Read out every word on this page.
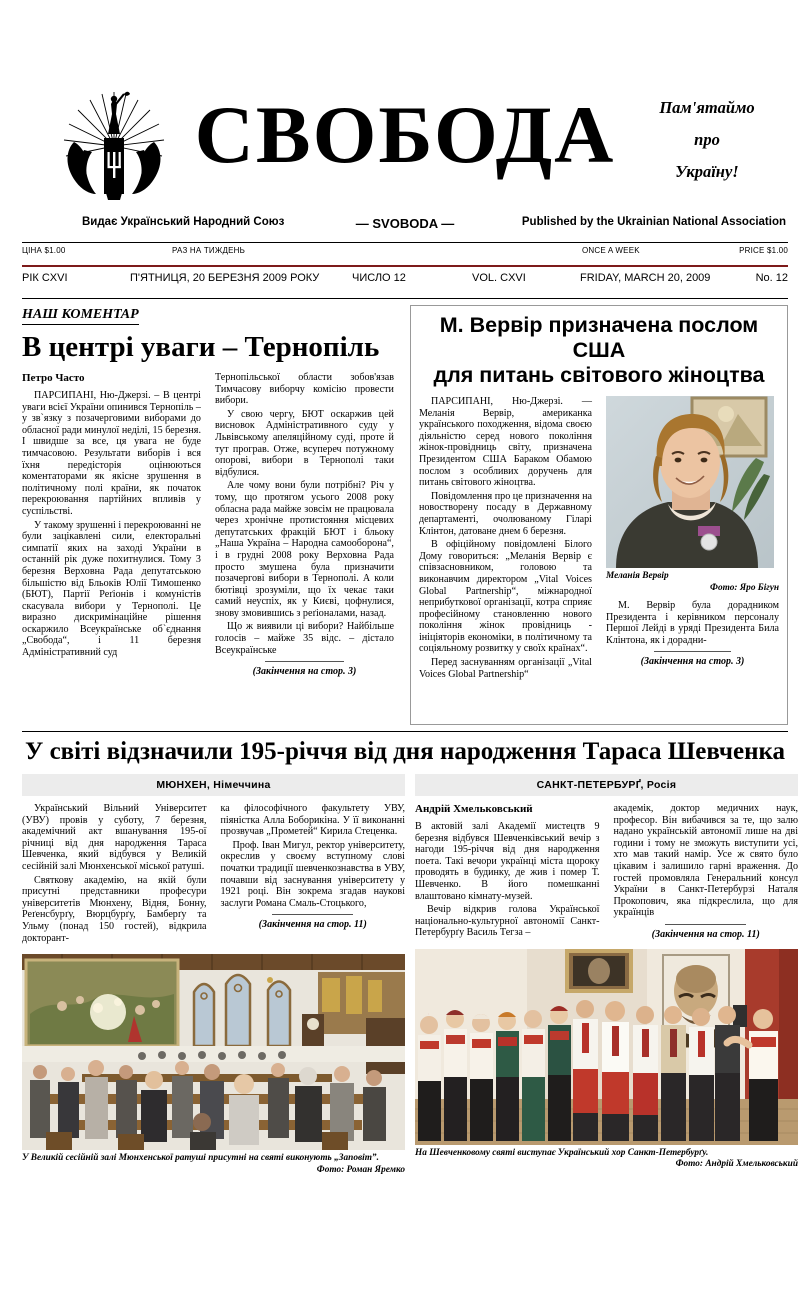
СВОБОДА	Пам'ятаймо
про
Україну!
Видає Український Народний Союз	— SVOBODA —	Published by the Ukrainian National Association
ЦІНА $1.00	РАЗ НА ТИЖДЕНЬ	ONCE A WEEK	PRICE $1.00
РІК CXVI	П'ЯТНИЦЯ, 20 БЕРЕЗНЯ 2009 РОКУ	ЧИСЛО 12	VOL. CXVI	FRIDAY, MARCH 20, 2009	No. 12
НАШ КОМЕНТАР
В центрі уваги – Тернопіль
Петро Часто

ПАРСИПАНІ, Ню-Джерзі. – В центрі уваги всієї України опинився Тернопіль – у зв`язку з позачерговими виборами до обласної ради минулої неділі, 15 березня. І швидше за все, ця увага не буде тимчасовою. Результати виборів і вся їхня передісторія оцінюються коментаторами як якісне зрушення в політичному полі країни, як початок перекроювання партійних впливів у суспільстві.

У такому зрушенні і перекроюванні не були зацікавлені сили, електоральні симпатії яких на заході України в останній рік дуже похитнулися. Тому 3 березня Верховна Рада депутатською більшістю від Бльоків Юлії Тимошенко (БЮТ), Партії Реґіонів і комуністів скасувала вибори у Тернополі. Це виразно дискримінаційне рішення оскаржило Всеукраїнське об`єднання „Свобода“, і 11 березня Адміністративний суд

Тернопільської области зобов'язав Тимчасову виборчу комісію провести вибори.

У свою чергу, БЮТ оскаржив цей висновок Адміністративного суду у Львівському апеляційному суді, проте й тут програв. Отже, всупереч потужному опорові, вибори в Тернополі таки відбулися.

Але чому вони були потрібні? Річ у тому, що протягом усього 2008 року обласна рада майже зовсім не працювала через хронічне протистояння місцевих депутатських фракцій БЮТ і бльоку „Наша Україна – Народна самооборона“, і в грудні 2008 року Верховна Рада просто змушена була призначити позачергові вибори в Тернополі. А коли бютівці зрозуміли, що їх чекає таки самий неуспіх, як у Києві, цофнулися, знову змовившись з реґіоналами, назад.

Що ж виявили ці вибори? Найбільше голосів – майже 35 відс. – дістало Всеукраїнське

(Закінчення на стор. 3)
М. Вервір призначена послом США
для питань світового жіноцтва

ПАРСИПАНІ, Ню-Джерзі. — Меланія Вервір, американка українського походження, відома своєю діяльністю серед нового покоління жінок-провідниць світу, призначена Президентом США Бараком Обамою послом з особливих доручень для питань світового жіноцтва.

Повідомлення про це призначення на новостворену посаду в Державному департаменті, очолюваному Гіларі Клінтон, датоване днем 6 березня.

В офіційному повідомлені Білого Дому говориться: „Меланія Вервір є співзасновником, головою та виконавчим директором „Vital Voices Global Partnership“, міжнародної неприбуткової організації, котра сприяє професійному становленню нового покоління жінок провідниць - ініціяторів економіки, в політичному та соціяльному розвитку у своїх країнах“.

Перед заснуванням організації „Vital Voices Global Partnership“

Меланія Вервір
Фото: Яро Бігун

М. Вервір була дорадником Президента і керівником персоналу Першої Лейді в уряді Президента Била Клінтона, як і дорадни-

(Закінчення на стор. 3)
У світі відзначили 195-річчя від дня народження Тараса Шевченка
МЮНХЕН, Німеччина

Український Вільний Університет (УВУ) провів у суботу, 7 березня, академічний акт вшанування 195-ої річниці від дня народження Тараса Шевченка, який відбувся у Великій сесійній залі Мюнхенської міської ратуші.

Святкову академію, на якій були присутні представники професури університетів Мюнхену, Відня, Бонну, Реґенсбурґу, Вюрцбурґу, Бамберґу та Ульму (понад 150 гостей), відкрила докторант-

ка філософічного факультету УВУ, піяністка Алла Боборикіна. У її виконанні прозвучав „Прометей“ Кирила Стеценка.

Проф. Іван Мигул, ректор університету, окреслив у своєму вступному слові початки традиції шевченкознавства в УВУ, почавши від заснування університету у 1921 році. Він зокрема згадав наукові заслуги Романа Смаль-Стоцького,

(Закінчення на стор. 11)
У Великій сесійній залі Мюнхенської ратуші присутні на святі виконують „Заповіт”.
Фото: Роман Яремко
САНКТ-ПЕТЕРБУРҐ, Росія
Андрій Хмельковський

В актовій залі Академії мистецтв 9 березня відбувся Шевченківський вечір з нагоди 195-річчя від дня народження поета. Такі вечори українці міста щороку проводять в будинку, де жив і помер Т. Шевченко. В його помешканні влаштовано кімнату-музей.

Вечір відкрив голова Української національно-культурної автономії Санкт-Петербурґу Василь Тегза –

академік, доктор медичних наук, професор. Він вибачився за те, що залю надано українській автономії лише на дві години і тому не зможуть виступити усі, хто мав такий намір. Усе ж свято було цікавим і залишило гарні враження. До гостей промовляла Генеральний консул України в Санкт-Петербурзі Наталя Прокопович, яка підкреслила, що для українців

(Закінчення на стор. 11)
На Шевченковому святі виступає Український хор Санкт-Петербурґу.
Фото: Андрій Хмельковський
